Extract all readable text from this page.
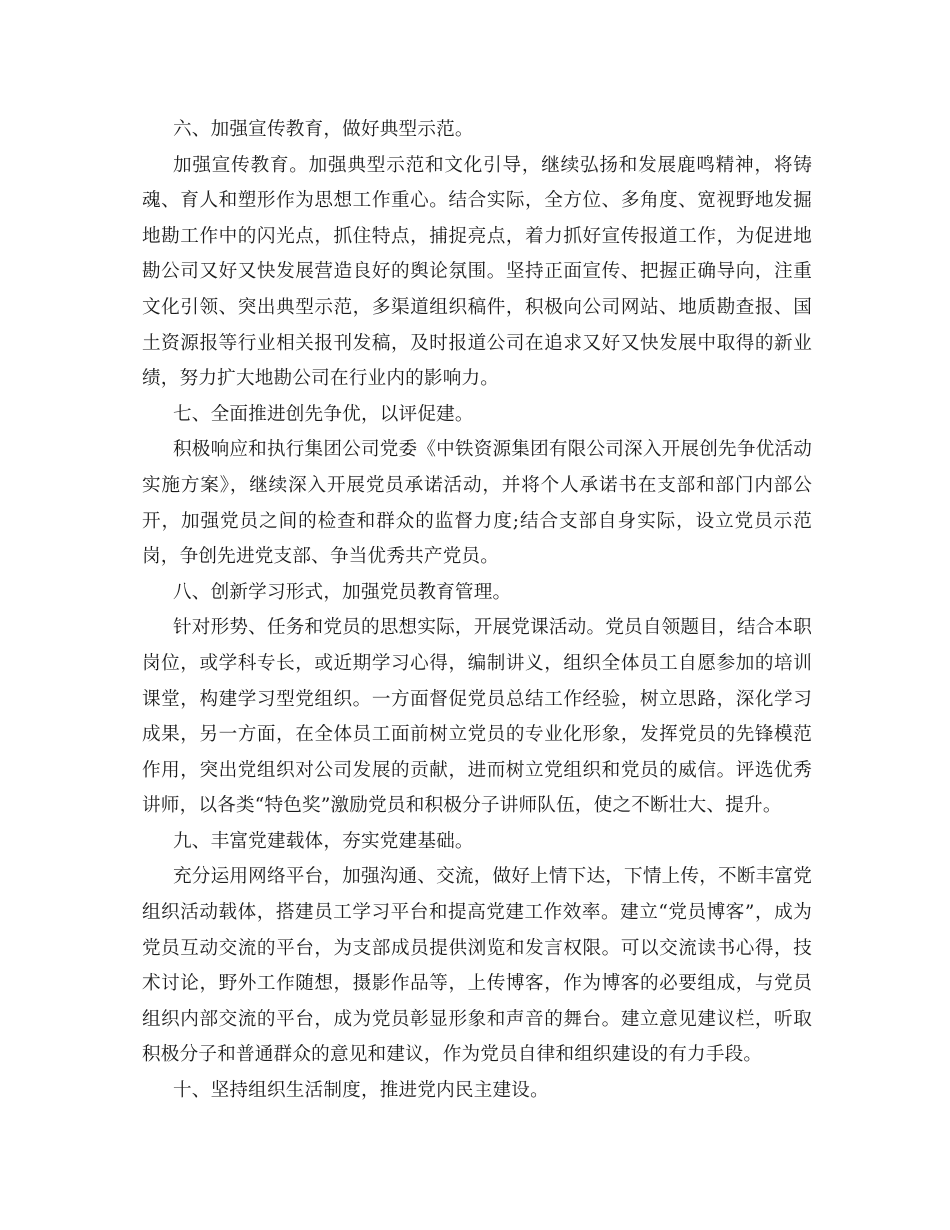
六、加强宣传教育，做好典型示范。

加强宣传教育。加强典型示范和文化引导，继续弘扬和发展鹿鸣精神，将铸魂、育人和塑形作为思想工作重心。结合实际，全方位、多角度、宽视野地发掘地勘工作中的闪光点，抓住特点，捕捉亮点，着力抓好宣传报道工作，为促进地勘公司又好又快发展营造良好的舆论氛围。坚持正面宣传、把握正确导向，注重文化引领、突出典型示范，多渠道组织稿件，积极向公司网站、地质勘查报、国土资源报等行业相关报刊发稿，及时报道公司在追求又好又快发展中取得的新业绩，努力扩大地勘公司在行业内的影响力。

七、全面推进创先争优，以评促建。

积极响应和执行集团公司党委《中铁资源集团有限公司深入开展创先争优活动实施方案》，继续深入开展党员承诺活动，并将个人承诺书在支部和部门内部公开，加强党员之间的检查和群众的监督力度;结合支部自身实际，设立党员示范岗，争创先进党支部、争当优秀共产党员。

八、创新学习形式，加强党员教育管理。

针对形势、任务和党员的思想实际，开展党课活动。党员自领题目，结合本职岗位，或学科专长，或近期学习心得，编制讲义，组织全体员工自愿参加的培训课堂，构建学习型党组织。一方面督促党员总结工作经验，树立思路，深化学习成果，另一方面，在全体员工面前树立党员的专业化形象，发挥党员的先锋模范作用，突出党组织对公司发展的贡献，进而树立党组织和党员的威信。评选优秀讲师，以各类“特色奖”激励党员和积极分子讲师队伍，使之不断壮大、提升。

九、丰富党建载体，夯实党建基础。

充分运用网络平台，加强沟通、交流，做好上情下达，下情上传，不断丰富党组织活动载体，搭建员工学习平台和提高党建工作效率。建立“党员博客”，成为党员互动交流的平台，为支部成员提供浏览和发言权限。可以交流读书心得，技术讨论，野外工作随想，摄影作品等，上传博客，作为博客的必要组成，与党员组织内部交流的平台，成为党员彰显形象和声音的舞台。建立意见建议栏，听取积极分子和普通群众的意见和建议，作为党员自律和组织建设的有力手段。

十、坚持组织生活制度，推进党内民主建设。
